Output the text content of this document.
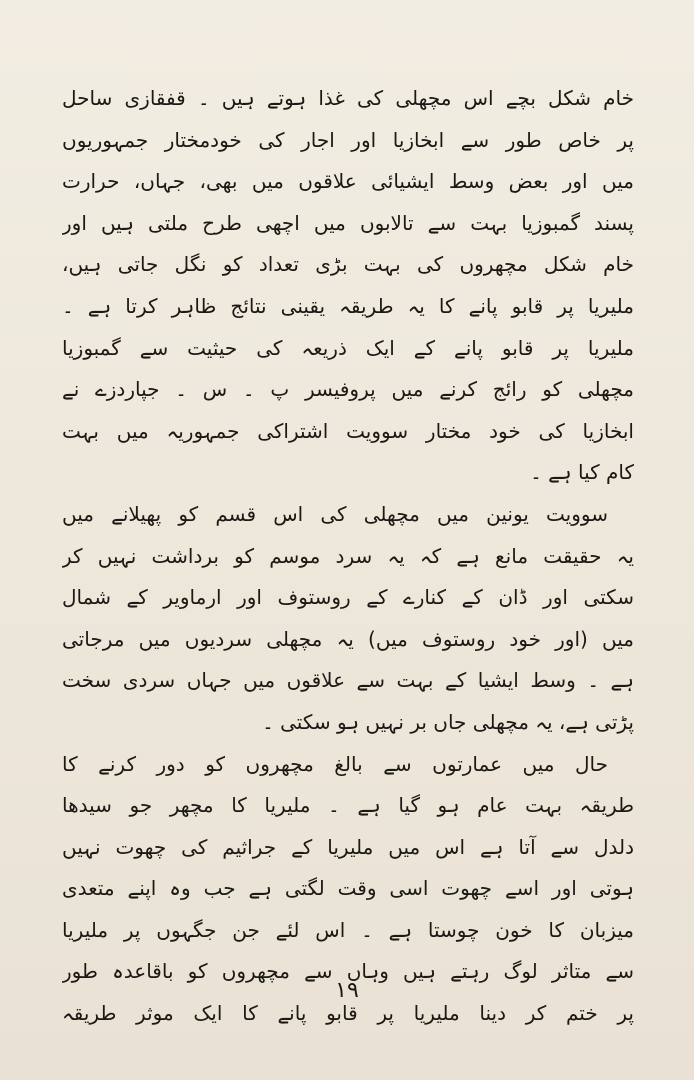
خام شکل بچے اس مچھلی کی غذا ہوتے ہیں ۔ قفقازی ساحل
پر خاص طور سے ابخازیا اور اجار کی خودمختار جمہوریوں
میں اور بعض وسط ایشیائی علاقوں میں بھی، جہاں، حرارت
پسند گمبوزیا بہت سے تالابوں میں اچھی طرح ملتی ہیں اور
خام شکل مچھروں کی بہت بڑی تعداد کو نگل جاتی ہیں،
ملیریا پر قابو پانے کا یہ طریقہ یقینی نتائج ظاہر کرتا ہے ۔
ملیریا پر قابو پانے کے ایک ذریعہ کی حیثیت سے گمبوزیا
مچھلی کو رائج کرنے میں پروفیسر پ ۔ س ۔ جپاردزے نے
ابخازیا کی خود مختار سوویت اشتراکی جمہوریہ میں بہت
کام کیا ہے ۔
سوویت یونین میں مچھلی کی اس قسم کو پھیلانے میں
یہ حقیقت مانع ہے کہ یہ سرد موسم کو برداشت نہیں کر
سکتی اور ڈان کے کنارے کے روستوف اور ارماویر کے شمال
میں (اور خود روستوف میں) یہ مچھلی سردیوں میں مرجاتی
ہے ۔ وسط ایشیا کے بہت سے علاقوں میں جہاں سردی سخت
پڑتی ہے، یہ مچھلی جاں بر نہیں ہو سکتی ۔
حال میں عمارتوں سے بالغ مچھروں کو دور کرنے کا
طریقہ بہت عام ہو گیا ہے ۔ ملیریا کا مچھر جو سیدھا
دلدل سے آتا ہے اس میں ملیریا کے جراثیم کی چھوت نہیں
ہوتی اور اسے چھوت اسی وقت لگتی ہے جب وہ اپنے متعدی
میزبان کا خون چوستا ہے ۔ اس لئے جن جگہوں پر ملیریا
سے متاثر لوگ رہتے ہیں وہاں سے مچھروں کو باقاعدہ طور
پر ختم کر دینا ملیریا پر قابو پانے کا ایک موثر طریقہ
۱۹
